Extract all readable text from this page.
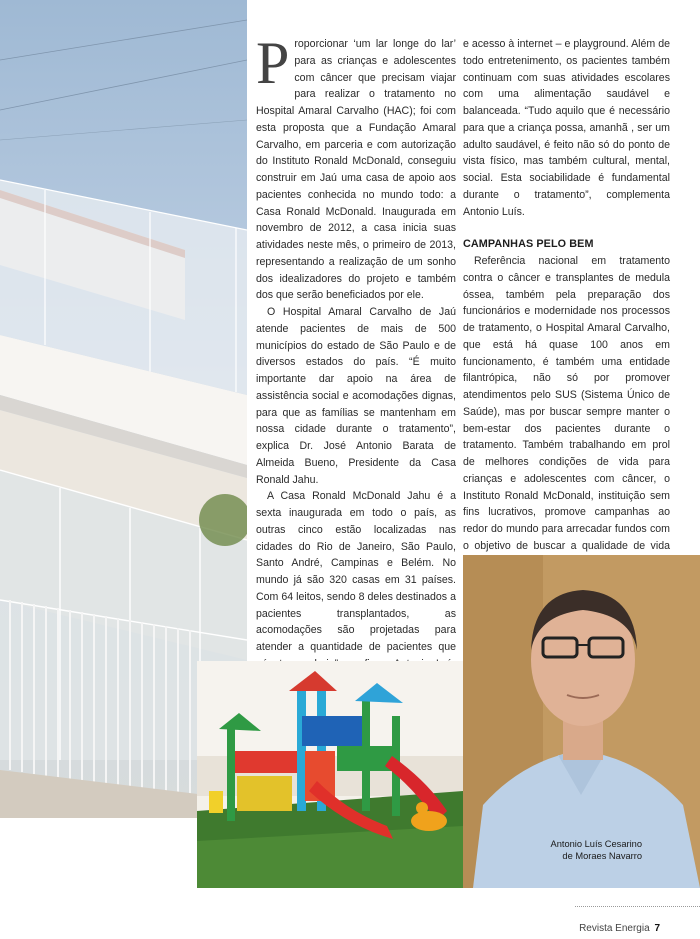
Proporcionar ‘um lar longe do lar’ para as crianças e adolescentes com câncer que precisam viajar para realizar o tratamento no Hospital Amaral Carvalho (HAC); foi com esta proposta que a Fundação Amaral Carvalho, em parceria e com autorização do Instituto Ronald McDonald, conseguiu construir em Jaú uma casa de apoio aos pacientes conhecida no mundo todo: a Casa Ronald McDonald. Inaugurada em novembro de 2012, a casa inicia suas atividades neste mês, o primeiro de 2013, representando a realização de um sonho dos idealizadores do projeto e também dos que serão beneficiados por ele.

O Hospital Amaral Carvalho de Jaú atende pacientes de mais de 500 municípios do estado de São Paulo e de diversos estados do país. “É muito importante dar apoio na área de assistência social e acomodações dignas, para que as famílias se mantenham em nossa cidade durante o tratamento”, explica Dr. José Antonio Barata de Almeida Bueno, Presidente da Casa Ronald Jahu.

A Casa Ronald McDonald Jahu é a sexta inaugurada em todo o país, as outras cinco estão localizadas nas cidades do Rio de Janeiro, São Paulo, Santo André, Campinas e Belém. No mundo já são 320 casas em 31 países. Com 64 leitos, sendo 8 deles destinados a pacientes transplantados, as acomodações são projetadas para atender a quantidade de pacientes que

e acesso à internet – e playground. Além de todo entretenimento, os pacientes também continuam com suas atividades escolares com uma alimentação saudável e balanceada. “Tudo aquilo que é necessário para que a criança possa, amanhã , ser um adulto saudável, é feito não só do ponto de vista físico, mas também cultural, mental, social. Esta sociabilidade é fundamental durante o tratamento”, complementa Antonio Luís.

CAMPANHAS PELO BEM

Referência nacional em tratamento contra o câncer e transplantes de medula óssea, também pela preparação dos funcionários e modernidade nos processos de tratamento, o Hospital Amaral Carvalho, que está há quase 100 anos em funcionamento, é também uma entidade filantrópica, não só por promover atendimentos pelo SUS (Sistema Único de Saúde), mas por buscar sempre manter o bem-estar dos pacientes durante o tratamento. Também trabalhando em prol de melhores condições de vida para crianças e adolescentes com câncer, o Instituto Ronald McDonald, instituição sem fins lucrativos, promove campanhas ao redor do mundo para arrecadar fundos com o objetivo de buscar a qualidade de vida

Antonio Luís Cesarino
de Moraes Navarro
Revista Energia 7
